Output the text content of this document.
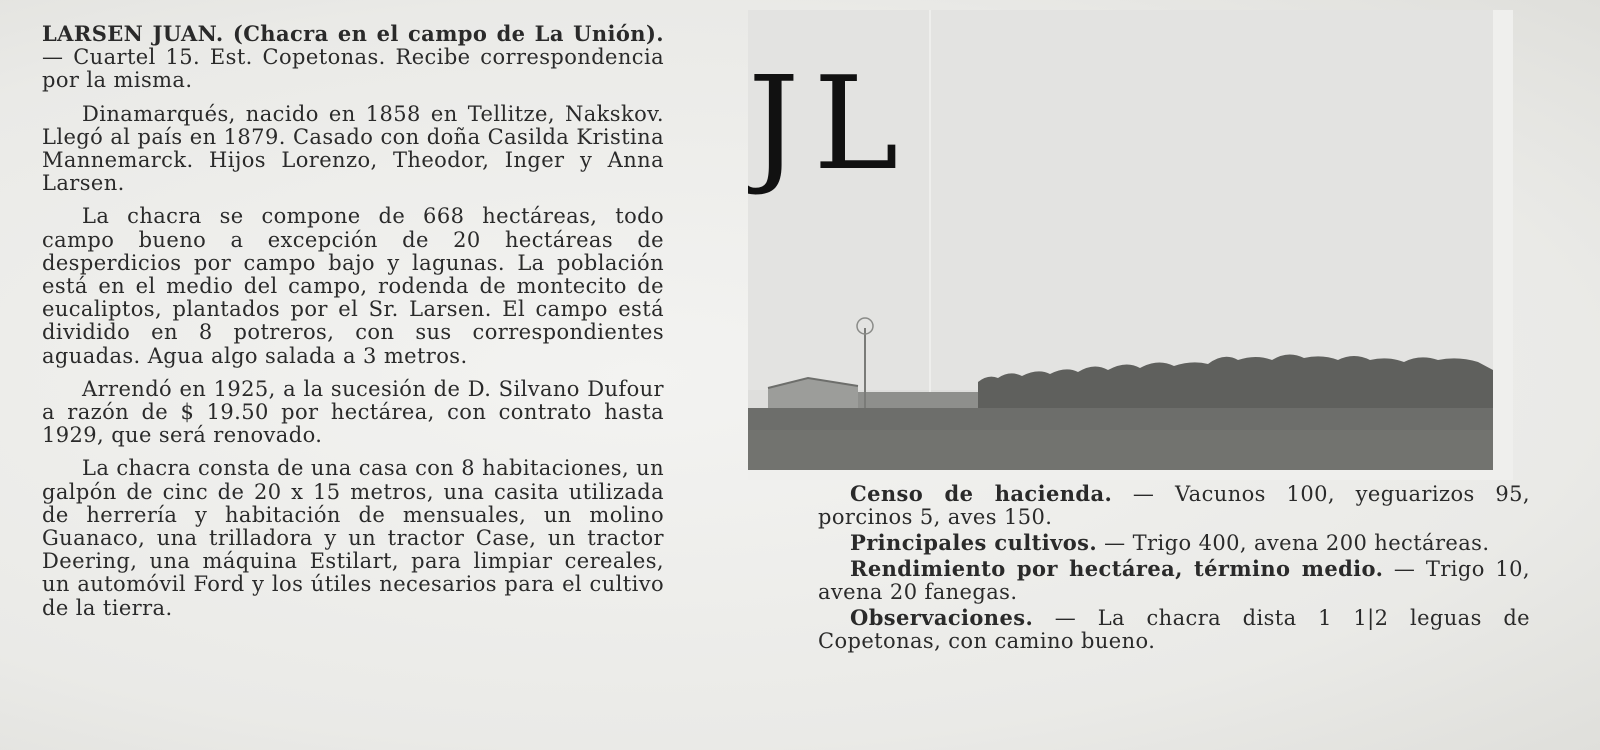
LARSEN JUAN. (Chacra en el campo de La Unión). — Cuartel 15. Est. Copetonas. Recibe correspondencia por la misma.

Dinamarqués, nacido en 1858 en Tellitze, Nakskov. Llegó al país en 1879. Casado con doña Casilda Kristina Mannemarck. Hijos Lorenzo, Theodor, Inger y Anna Larsen.

La chacra se compone de 668 hectáreas, todo campo bueno a excepción de 20 hectáreas de desperdicios por campo bajo y lagunas. La población está en el medio del campo, rodenda de montecito de eucaliptos, plantados por el Sr. Larsen. El campo está dividido en 8 potreros, con sus correspondientes aguadas. Agua algo salada a 3 metros.

Arrendó en 1925, a la sucesión de D. Silvano Dufour a razón de $ 19.50 por hectárea, con contrato hasta 1929, que será renovado.

La chacra consta de una casa con 8 habitaciones, un galpón de cinc de 20 x 15 metros, una casita utilizada de herrería y habitación de mensuales, un molino Guanaco, una trilladora y un tractor Case, un tractor Deering, una máquina Estilart, para limpiar cereales, un automóvil Ford y los útiles necesarios para el cultivo de la tierra.

JL

Censo de hacienda. — Vacunos 100, yeguarizos 95, porcinos 5, aves 150.

Principales cultivos. — Trigo 400, avena 200 hectáreas.

Rendimiento por hectárea, término medio. — Trigo 10, avena 20 fanegas.

Observaciones. — La chacra dista 1 1|2 leguas de Copetonas, con camino bueno.
